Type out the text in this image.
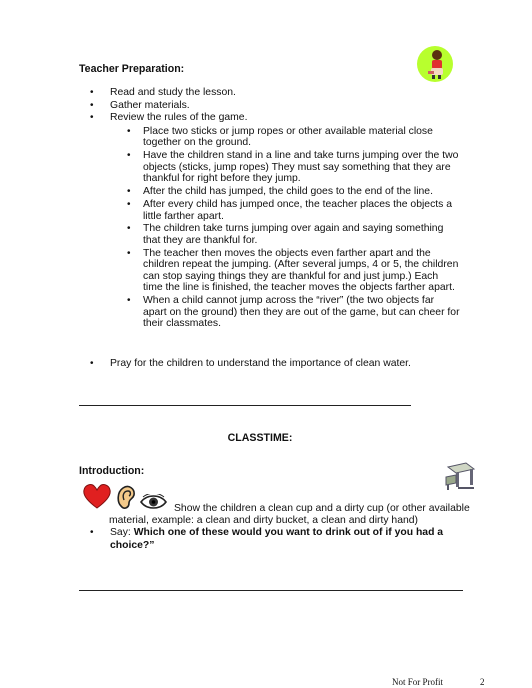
Teacher Preparation:
• Read and study the lesson.
• Gather materials.
• Review the rules of the game.
• Place two sticks or jump ropes or other available material close together on the ground.
• Have the children stand in a line and take turns jumping over the two objects (sticks, jump ropes) They must say something that they are thankful for right before they jump.
• After the child has jumped, the child goes to the end of the line.
• After every child has jumped once, the teacher places the objects a little farther apart.
• The children take turns jumping over again and saying something that they are thankful for.
• The teacher then moves the objects even farther apart and the children repeat the jumping. (After several jumps, 4 or 5, the children can stop saying things they are thankful for and just jump.) Each time the line is finished, the teacher moves the objects farther apart.
• When a child cannot jump across the “river” (the two objects far apart on the ground) then they are out of the game, but can cheer for their classmates.
• Pray for the children to understand the importance of clean water.
CLASSTIME:
Introduction:
Show the children a clean cup and a dirty cup (or other available material, example: a clean and dirty bucket, a clean and dirty hand)
• Say: Which one of these would you want to drink out of if you had a choice?”
Not For Profit	2
